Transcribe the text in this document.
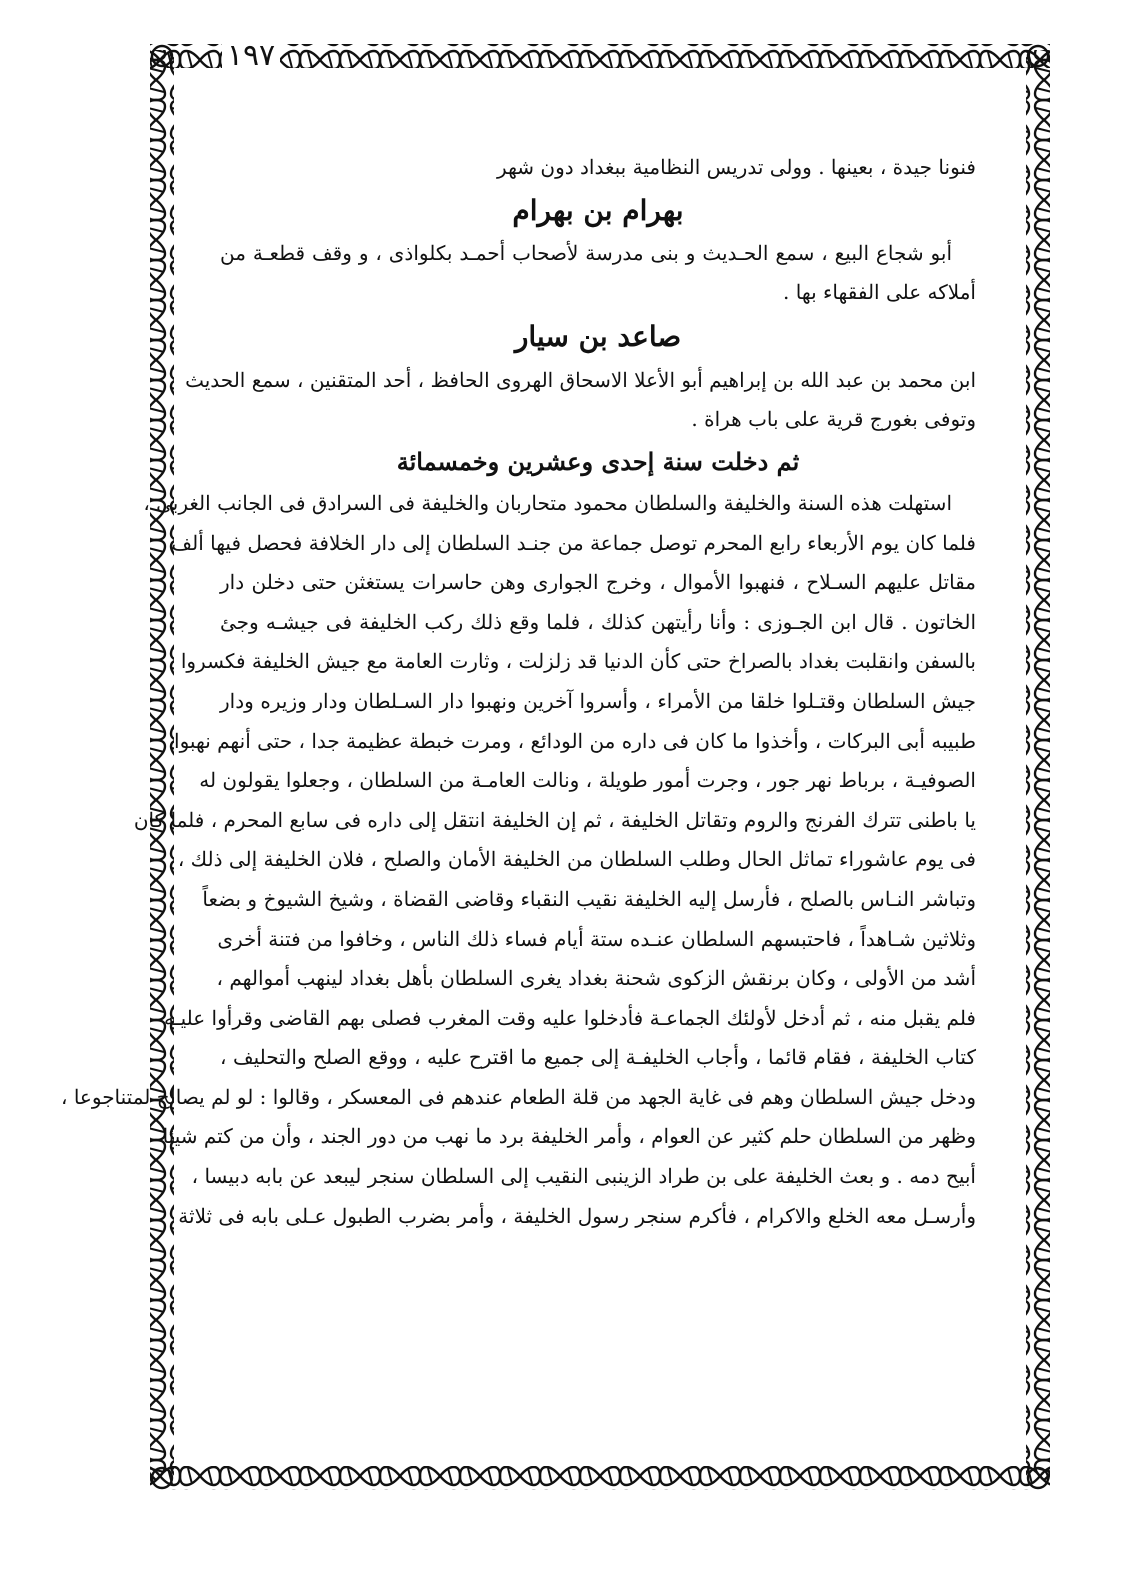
١٩٧
فنونا جيدة ، بعينها . وولى تدريس النظامية ببغداد دون شهر
بهرام بن بهرام
أبو شجاع البيع ، سمع الحـديث و بنى مدرسة لأصحاب أحمـد بكلواذى ، و وقف قطعـة من
أملاكه على الفقهاء بها .
صاعد بن سيار
ابن محمد بن عبد الله بن إبراهيم أبو الأعلا الاسحاق الهروى الحافظ ، أحد المتقنين ، سمع الحديث
وتوفى بغورج قرية على باب هراة .
ثم دخلت سنة إحدى وعشرين وخمسمائة
استهلت هذه السنة والخليفة والسلطان محمود متحاربان والخليفة فى السرادق فى الجانب الغربى ،
فلما كان يوم الأربعاء رابع المحرم توصل جماعة من جنـد السلطان إلى دار الخلافة فحصل فيها ألف
مقاتل عليهم السـلاح ، فنهبوا الأموال ، وخرج الجوارى وهن حاسرات يستغثن حتى دخلن دار
الخاتون . قال ابن الجـوزى : وأنا رأيتهن كذلك ، فلما وقع ذلك ركب الخليفة فى جيشـه وجئ
بالسفن وانقلبت بغداد بالصراخ حتى كأن الدنيا قد زلزلت ، وثارت العامة مع جيش الخليفة فكسروا
جيش السلطان وقتـلوا خلقا من الأمراء ، وأسروا آخرين ونهبوا دار السـلطان ودار وزيره ودار
طبيبه أبى البركات ، وأخذوا ما كان فى داره من الودائع ، ومرت خبطة عظيمة جدا ، حتى أنهم نهبوا
الصوفيـة ، برباط نهر جور ، وجرت أمور طويلة ، ونالت العامـة من السلطان ، وجعلوا يقولون له
يا باطنى تترك الفرنج والروم وتقاتل الخليفة ، ثم إن الخليفة انتقل إلى داره فى سابع المحرم ، فلما كان
فى يوم عاشوراء تماثل الحال وطلب السلطان من الخليفة الأمان والصلح ، فلان الخليفة إلى ذلك ،
وتباشر النـاس بالصلح ، فأرسل إليه الخليفة نقيب النقباء وقاضى القضاة ، وشيخ الشيوخ و بضعاً
وثلاثين شـاهداً ، فاحتبسهم السلطان عنـده ستة أيام فساء ذلك الناس ، وخافوا من فتنة أخرى
أشد من الأولى ، وكان برنقش الزكوى شحنة بغداد يغرى السلطان بأهل بغداد لينهب أموالهم ،
فلم يقبل منه ، ثم أدخل لأولئك الجماعـة فأدخلوا عليه وقت المغرب فصلى بهم القاضى وقرأوا عليـه
كتاب الخليفة ، فقام قائما ، وأجاب الخليفـة إلى جميع ما اقترح عليه ، ووقع الصلح والتحليف ،
ودخل جيش السلطان وهم فى غاية الجهد من قلة الطعام عندهم فى المعسكر ، وقالوا : لو لم يصالح لمتناجوعا ،
وظهر من السلطان حلم كثير عن العوام ، وأمر الخليفة برد ما نهب من دور الجند ، وأن من كتم شيئا
أبيح دمه . و بعث الخليفة على بن طراد الزينبى النقيب إلى السلطان سنجر ليبعد عن بابه دبيسا ،
وأرسـل معه الخلع والاكرام ، فأكرم سنجر رسول الخليفة ، وأمر بضرب الطبول عـلى بابه فى ثلاثة
